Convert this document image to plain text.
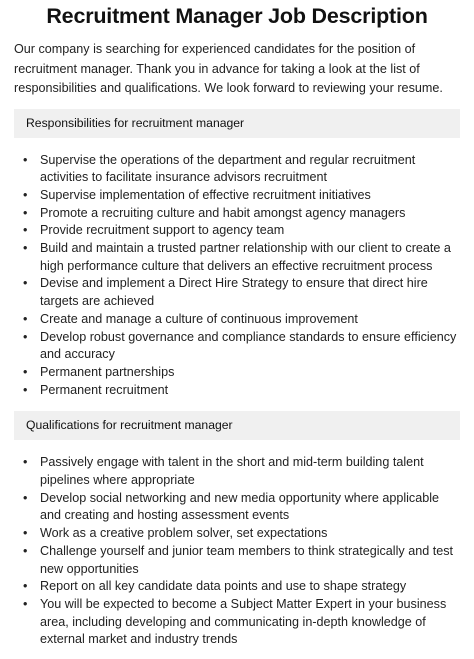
Recruitment Manager Job Description

Our company is searching for experienced candidates for the position of recruitment manager. Thank you in advance for taking a look at the list of responsibilities and qualifications. We look forward to reviewing your resume.

Responsibilities for recruitment manager
• Supervise the operations of the department and regular recruitment activities to facilitate insurance advisors recruitment
• Supervise implementation of effective recruitment initiatives
• Promote a recruiting culture and habit amongst agency managers
• Provide recruitment support to agency team
• Build and maintain a trusted partner relationship with our client to create a high performance culture that delivers an effective recruitment process
• Devise and implement a Direct Hire Strategy to ensure that direct hire targets are achieved
• Create and manage a culture of continuous improvement
• Develop robust governance and compliance standards to ensure efficiency and accuracy
• Permanent partnerships
• Permanent recruitment
Qualifications for recruitment manager
• Passively engage with talent in the short and mid-term building talent pipelines where appropriate
• Develop social networking and new media opportunity where applicable and creating and hosting assessment events
• Work as a creative problem solver, set expectations
• Challenge yourself and junior team members to think strategically and test new opportunities
• Report on all key candidate data points and use to shape strategy
• You will be expected to become a Subject Matter Expert in your business area, including developing and communicating in-depth knowledge of external market and industry trends
